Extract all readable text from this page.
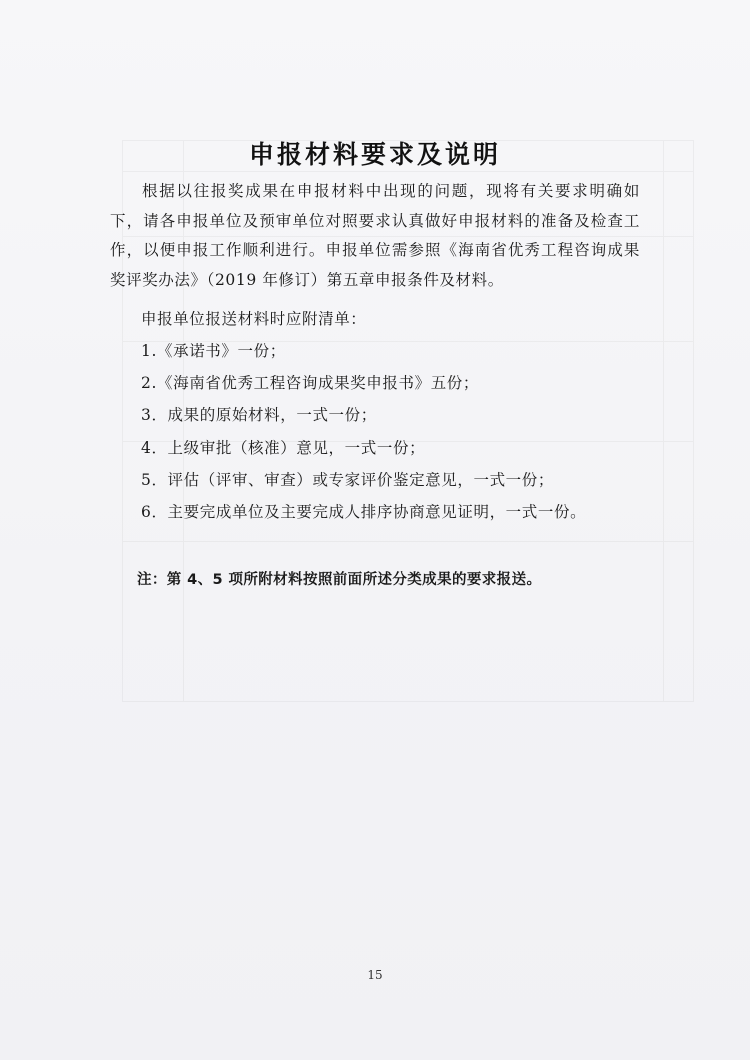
申报材料要求及说明

根据以往报奖成果在申报材料中出现的问题，现将有关要求明确如下，请各申报单位及预审单位对照要求认真做好申报材料的准备及检查工作，以便申报工作顺利进行。申报单位需参照《海南省优秀工程咨询成果奖评奖办法》（2019 年修订）第五章申报条件及材料。

申报单位报送材料时应附清单：

1.《承诺书》一份；
2.《海南省优秀工程咨询成果奖申报书》五份；
3．成果的原始材料，一式一份；
4．上级审批（核准）意见，一式一份；
5．评估（评审、审查）或专家评价鉴定意见，一式一份；
6．主要完成单位及主要完成人排序协商意见证明，一式一份。

注：第 4、5 项所附材料按照前面所述分类成果的要求报送。

15
